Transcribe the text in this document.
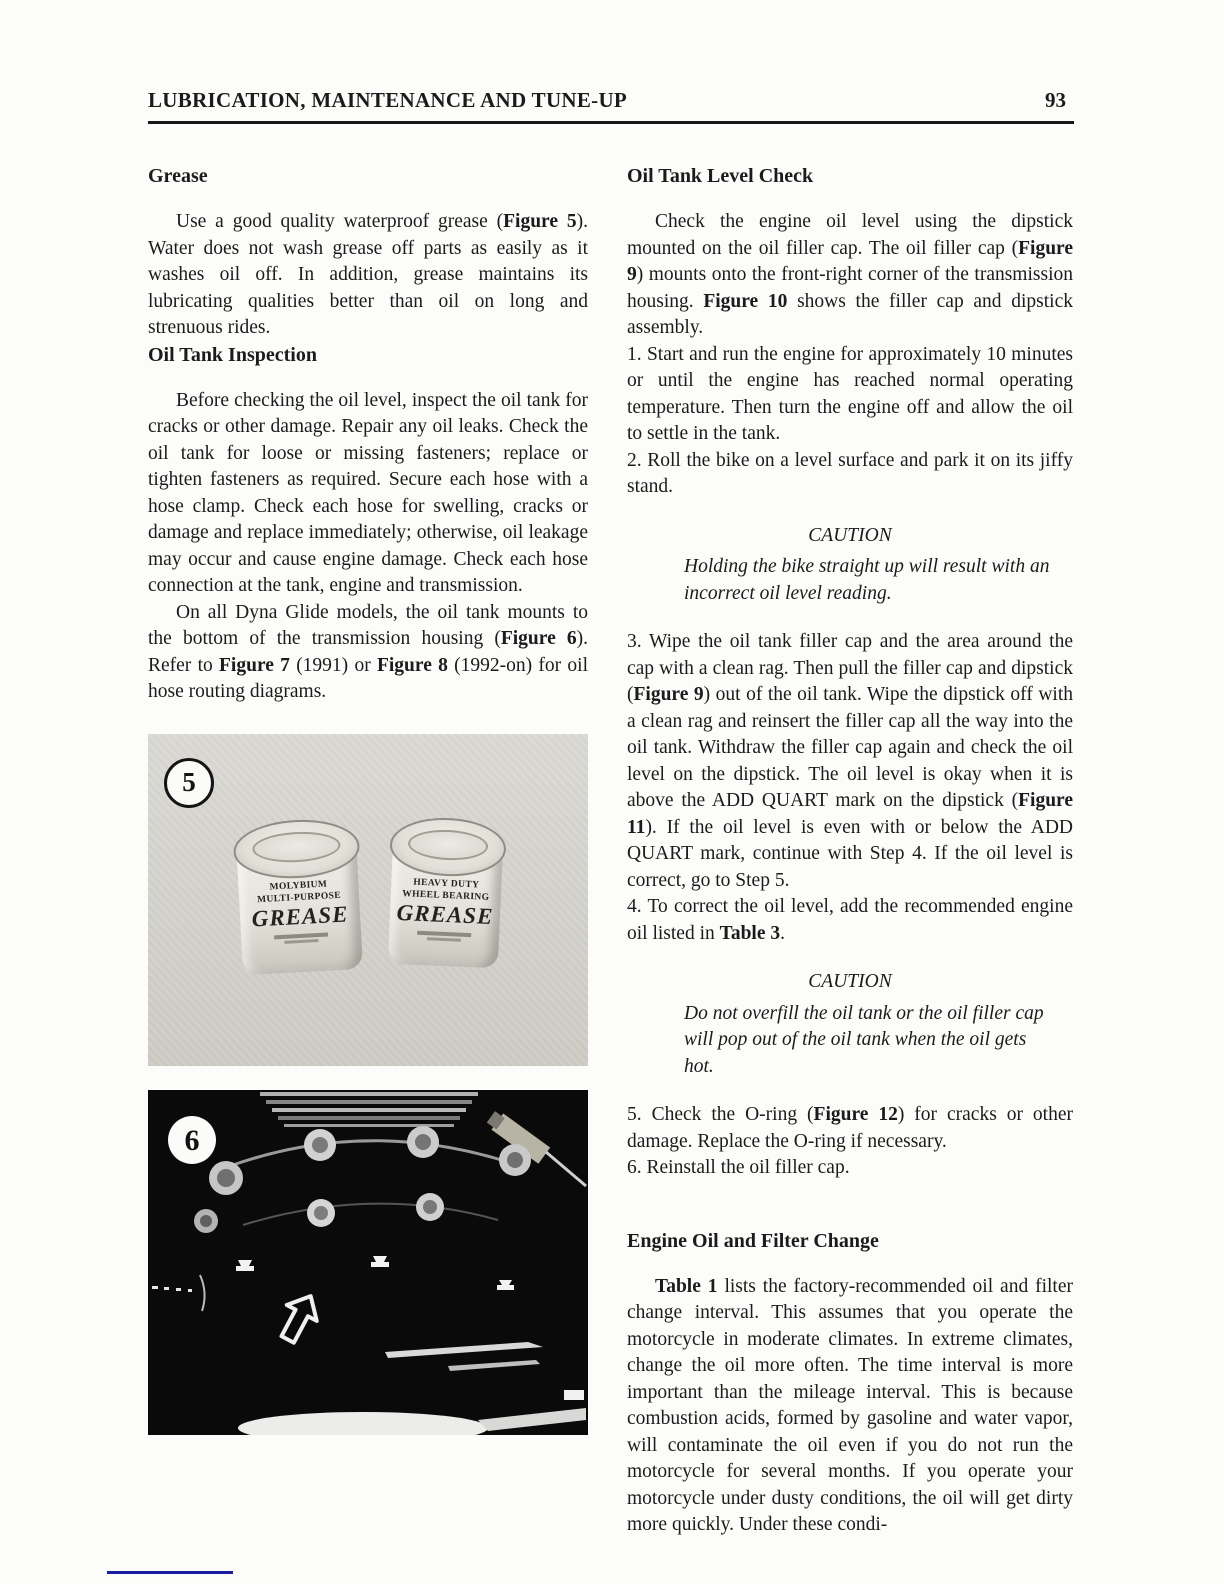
LUBRICATION, MAINTENANCE AND TUNE-UP	93
Grease

Use a good quality waterproof grease (Figure 5). Water does not wash grease off parts as easily as it washes oil off. In addition, grease maintains its lubricating qualities better than oil on long and strenuous rides.

Oil Tank Inspection

Before checking the oil level, inspect the oil tank for cracks or other damage. Repair any oil leaks. Check the oil tank for loose or missing fasteners; replace or tighten fasteners as required. Secure each hose with a hose clamp. Check each hose for swelling, cracks or damage and replace immediately; otherwise, oil leakage may occur and cause engine damage. Check each hose connection at the tank, engine and transmission.

On all Dyna Glide models, the oil tank mounts to the bottom of the transmission housing (Figure 6). Refer to Figure 7 (1991) or Figure 8 (1992-on) for oil hose routing diagrams.

5
MOLYBIUM
MULTI-PURPOSE
GREASE
HEAVY DUTY
WHEEL BEARING
GREASE
6
Oil Tank Level Check

Check the engine oil level using the dipstick mounted on the oil filler cap. The oil filler cap (Figure 9) mounts onto the front-right corner of the transmission housing. Figure 10 shows the filler cap and dipstick assembly.

1. Start and run the engine for approximately 10 minutes or until the engine has reached normal operating temperature. Then turn the engine off and allow the oil to settle in the tank.

2. Roll the bike on a level surface and park it on its jiffy stand.

CAUTION

Holding the bike straight up will result with an incorrect oil level reading.

3. Wipe the oil tank filler cap and the area around the cap with a clean rag. Then pull the filler cap and dipstick (Figure 9) out of the oil tank. Wipe the dipstick off with a clean rag and reinsert the filler cap all the way into the oil tank. Withdraw the filler cap again and check the oil level on the dipstick. The oil level is okay when it is above the ADD QUART mark on the dipstick (Figure 11). If the oil level is even with or below the ADD QUART mark, continue with Step 4. If the oil level is correct, go to Step 5.

4. To correct the oil level, add the recommended engine oil listed in Table 3.

CAUTION

Do not overfill the oil tank or the oil filler cap will pop out of the oil tank when the oil gets hot.

5. Check the O-ring (Figure 12) for cracks or other damage. Replace the O-ring if necessary.

6. Reinstall the oil filler cap.

Engine Oil and Filter Change

Table 1 lists the factory-recommended oil and filter change interval. This assumes that you operate the motorcycle in moderate climates. In extreme climates, change the oil more often. The time interval is more important than the mileage interval. This is because combustion acids, formed by gasoline and water vapor, will contaminate the oil even if you do not run the motorcycle for several months. If you operate your motorcycle under dusty conditions, the oil will get dirty more quickly. Under these condi-
